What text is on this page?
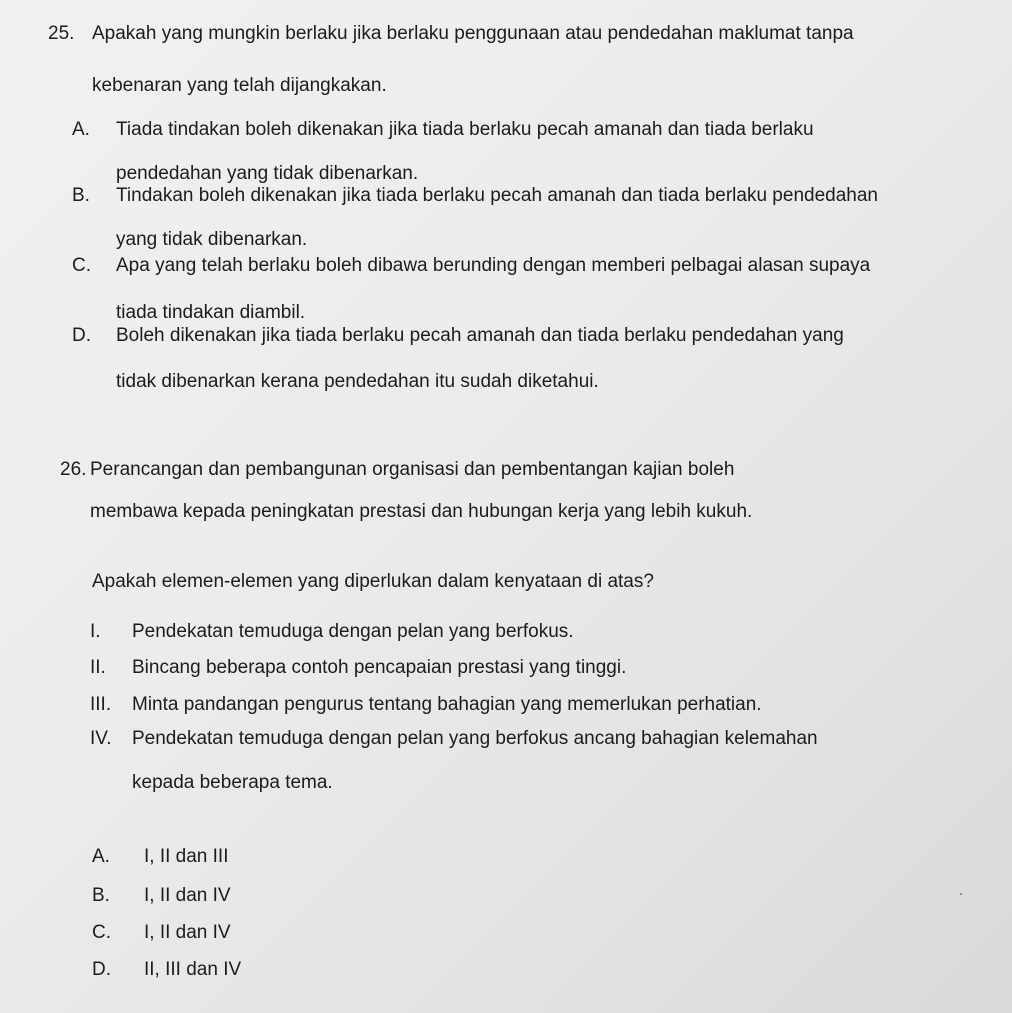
25. Apakah yang mungkin berlaku jika berlaku penggunaan atau pendedahan maklumat tanpa
kebenaran yang telah dijangkakan.
A. Tiada tindakan boleh dikenakan jika tiada berlaku pecah amanah dan tiada berlaku
pendedahan yang tidak dibenarkan.
B. Tindakan boleh dikenakan jika tiada berlaku pecah amanah dan tiada berlaku pendedahan
yang tidak dibenarkan.
C. Apa yang telah berlaku boleh dibawa berunding dengan memberi pelbagai alasan supaya
tiada tindakan diambil.
D. Boleh dikenakan jika tiada berlaku pecah amanah dan tiada berlaku pendedahan yang
tidak dibenarkan kerana pendedahan itu sudah diketahui.
26. Perancangan dan pembangunan organisasi dan pembentangan kajian boleh
membawa kepada peningkatan prestasi dan hubungan kerja yang lebih kukuh.
Apakah elemen-elemen yang diperlukan dalam kenyataan di atas?
I. Pendekatan temuduga dengan pelan yang berfokus.
II. Bincang beberapa contoh pencapaian prestasi yang tinggi.
III. Minta pandangan pengurus tentang bahagian yang memerlukan perhatian.
IV. Pendekatan temuduga dengan pelan yang berfokus ancang bahagian kelemahan
kepada beberapa tema.
A. I, II dan III
B. I, II dan IV
C. I, II dan IV
D. II, III dan IV
